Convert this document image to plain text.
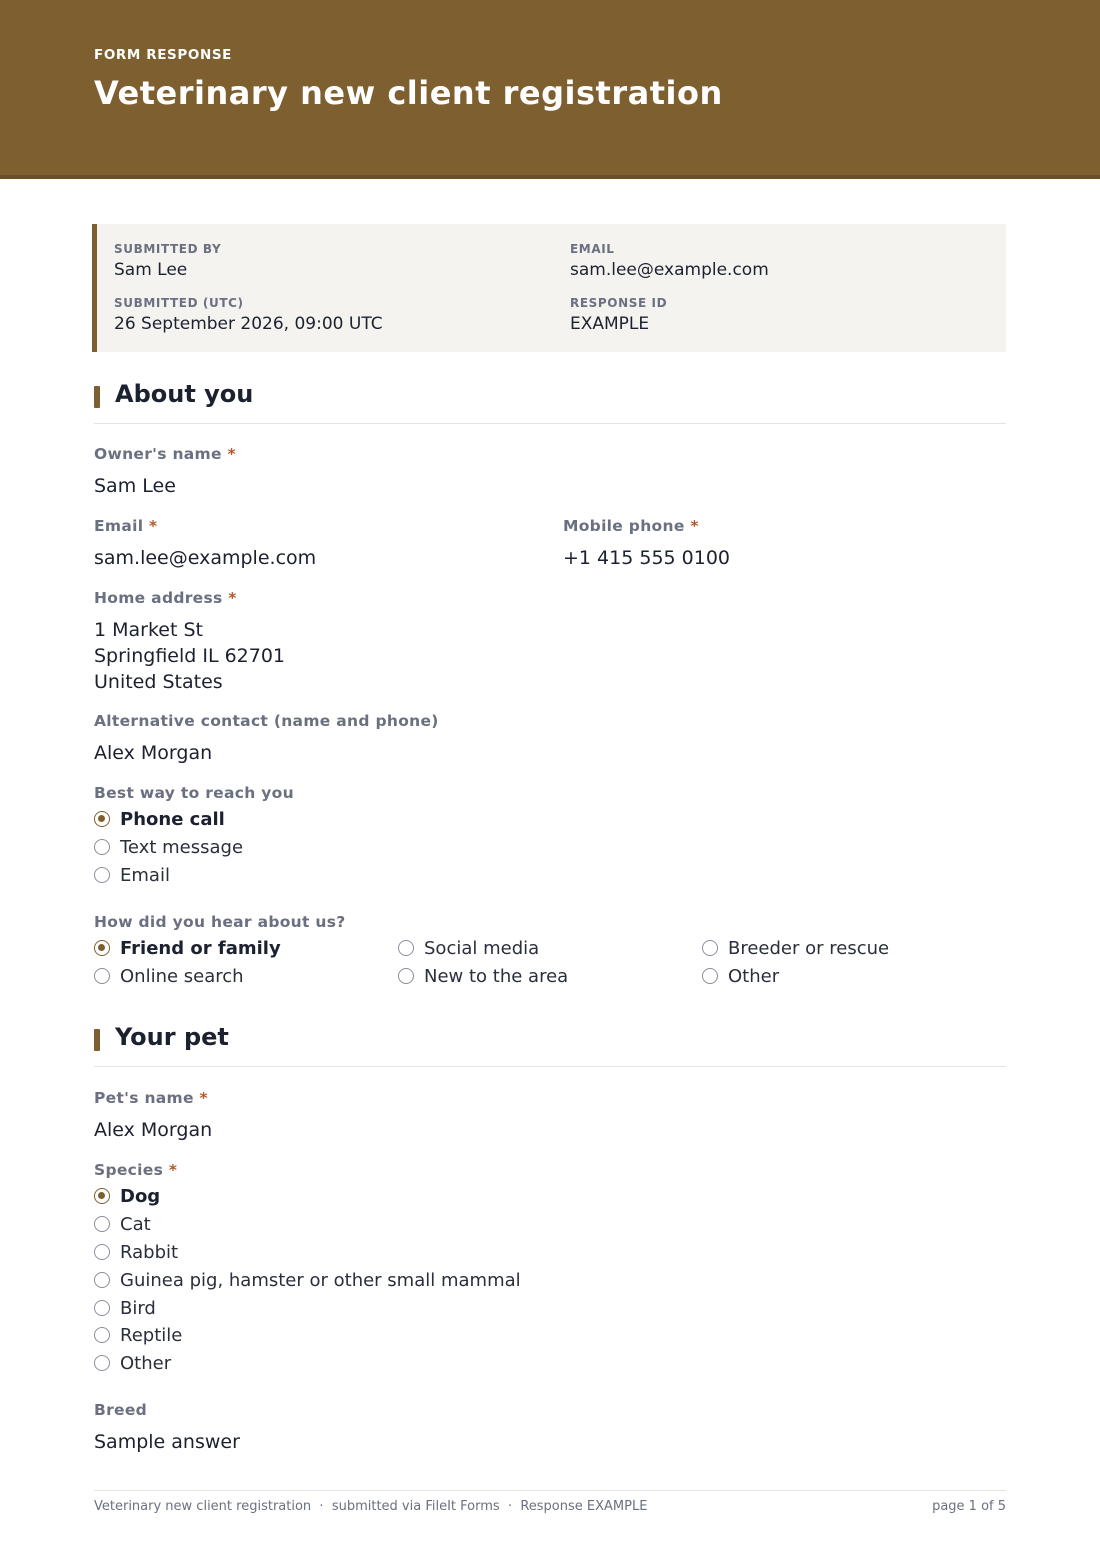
FORM RESPONSE
Veterinary new client registration
SUBMITTED BY
Sam Lee
EMAIL
sam.lee@example.com
SUBMITTED (UTC)
26 September 2026, 09:00 UTC
RESPONSE ID
EXAMPLE
About you
Owner's name *
Sam Lee
Email *
sam.lee@example.com
Mobile phone *
+1 415 555 0100
Home address *
1 Market St
Springfield IL 62701
United States
Alternative contact (name and phone)
Alex Morgan
Best way to reach you
Phone call
Text message
Email
How did you hear about us?
Friend or family
Online search
Social media
New to the area
Breeder or rescue
Other
Your pet
Pet's name *
Alex Morgan
Species *
Dog
Cat
Rabbit
Guinea pig, hamster or other small mammal
Bird
Reptile
Other
Breed
Sample answer
Veterinary new client registration  ·  submitted via FileIt Forms  ·  Response EXAMPLE	page 1 of 5
